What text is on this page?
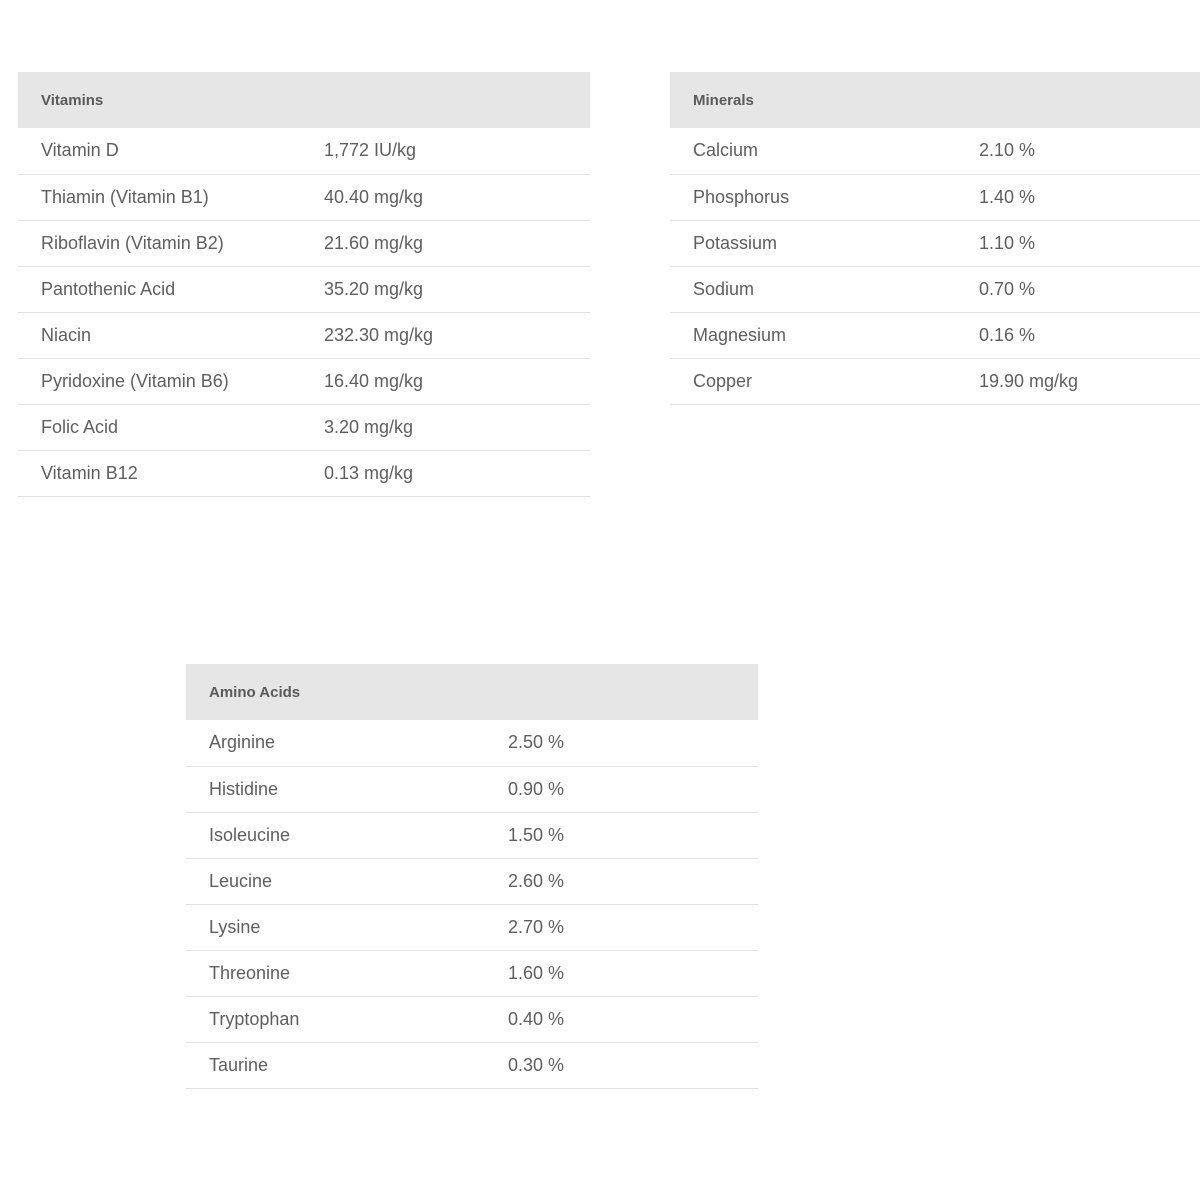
Vitamins	
Vitamin D	1,772 IU/kg
Thiamin (Vitamin B1)	40.40 mg/kg
Riboflavin (Vitamin B2)	21.60 mg/kg
Pantothenic Acid	35.20 mg/kg
Niacin	232.30 mg/kg
Pyridoxine (Vitamin B6)	16.40 mg/kg
Folic Acid	3.20 mg/kg
Vitamin B12	0.13 mg/kg
Minerals	
Calcium	2.10 %
Phosphorus	1.40 %
Potassium	1.10 %
Sodium	0.70 %
Magnesium	0.16 %
Copper	19.90 mg/kg
Amino Acids	
Arginine	2.50 %
Histidine	0.90 %
Isoleucine	1.50 %
Leucine	2.60 %
Lysine	2.70 %
Threonine	1.60 %
Tryptophan	0.40 %
Taurine	0.30 %
